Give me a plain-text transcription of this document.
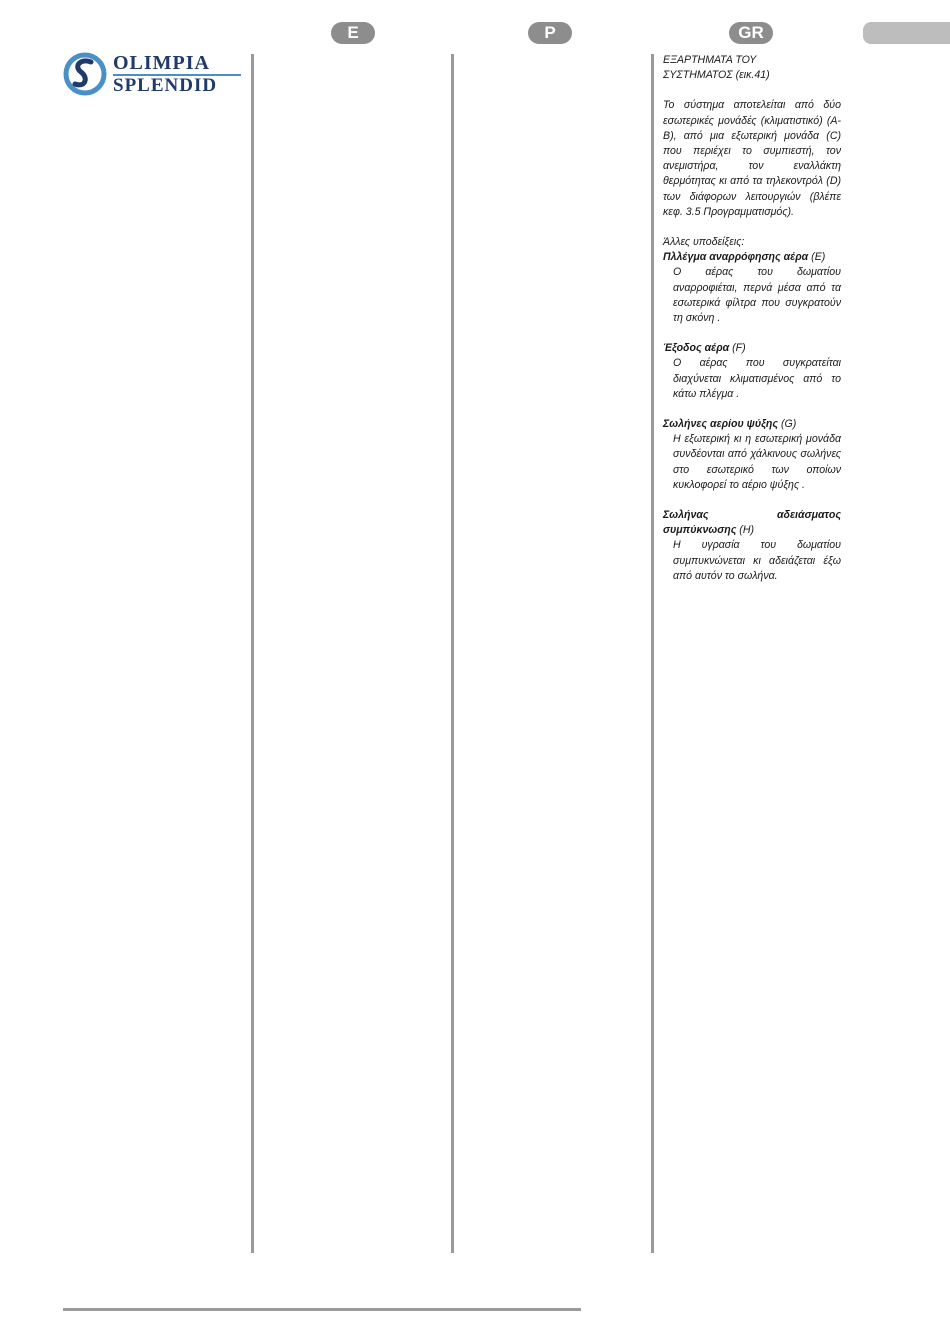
E	P	GR
OLIMPIA
SPLENDID

ΕΞΑΡΤΗΜΑΤΑ ΤΟΥ

ΣΥΣΤΗΜΑΤΟΣ (εικ.41)

Το σύστημα αποτελείται από δύο εσωτερικές μονάδές (κλιματιστικό) (A-B), από μια εξωτερική μονάδα (C) που περιέχει το συμπιεστή, τον ανεμιστήρα, τον εναλλάκτη θερμότητας κι από τα τηλεκοντρόλ (D) των διάφορων λειτουργιών (βλέπε κεφ. 3.5 Προγραμματισμός).

Άλλες υποδείξεις:

Πλλέγμα αναρρόφησης αέρα (E)

Ο αέρας του δωματίου αναρροφιέται, περνά μέσα από τα εσωτερικά φίλτρα που συγκρατούν τη σκόνη .

Έξοδος αέρα (F)

Ο αέρας που συγκρατείται διαχύνεται κλιματισμένος από το κάτω πλέγμα .

Σωλήνες αερίου ψύξης (G)

Η εξωτερική κι η εσωτερική μονάδα συνδέονται από χάλκινους σωλήνες στο εσωτερικό των οποίων κυκλοφορεί το αέριο ψύξης .

Σωλήνας αδειάσματος συμπύκνωσης (H)

Η υγρασία του δωματίου συμπυκνώνεται κι αδειάζεται έξω από αυτόν το σωλήνα.
